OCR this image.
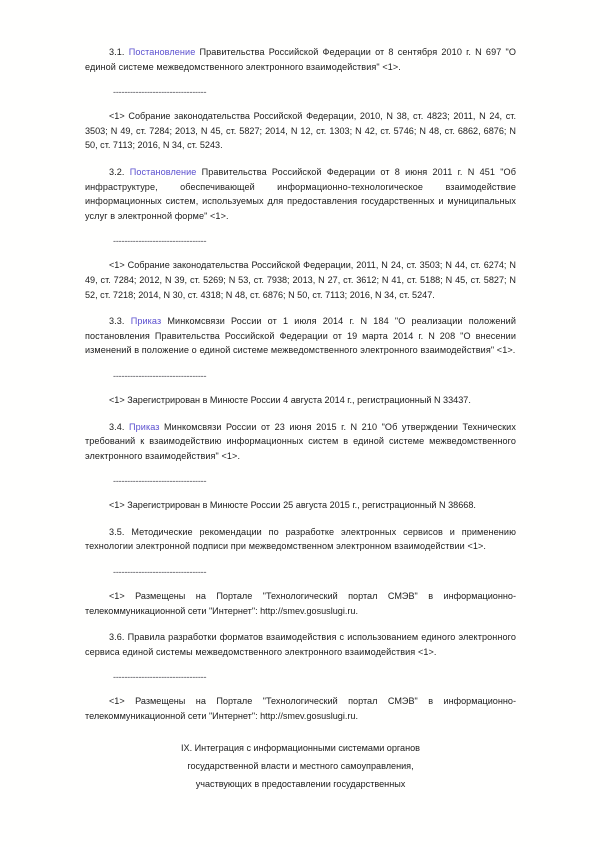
3.1. Постановление Правительства Российской Федерации от 8 сентября 2010 г. N 697 "О единой системе межведомственного электронного взаимодействия" <1>.

---------------------------------

<1> Собрание законодательства Российской Федерации, 2010, N 38, ст. 4823; 2011, N 24, ст. 3503; N 49, ст. 7284; 2013, N 45, ст. 5827; 2014, N 12, ст. 1303; N 42, ст. 5746; N 48, ст. 6862, 6876; N 50, ст. 7113; 2016, N 34, ст. 5243.

3.2. Постановление Правительства Российской Федерации от 8 июня 2011 г. N 451 "Об инфраструктуре, обеспечивающей информационно-технологическое взаимодействие информационных систем, используемых для предоставления государственных и муниципальных услуг в электронной форме" <1>.

---------------------------------

<1> Собрание законодательства Российской Федерации, 2011, N 24, ст. 3503; N 44, ст. 6274; N 49, ст. 7284; 2012, N 39, ст. 5269; N 53, ст. 7938; 2013, N 27, ст. 3612; N 41, ст. 5188; N 45, ст. 5827; N 52, ст. 7218; 2014, N 30, ст. 4318; N 48, ст. 6876; N 50, ст. 7113; 2016, N 34, ст. 5247.

3.3. Приказ Минкомсвязи России от 1 июля 2014 г. N 184 "О реализации положений постановления Правительства Российской Федерации от 19 марта 2014 г. N 208 "О внесении изменений в положение о единой системе межведомственного электронного взаимодействия" <1>.

---------------------------------

<1> Зарегистрирован в Минюсте России 4 августа 2014 г., регистрационный N 33437.

3.4. Приказ Минкомсвязи России от 23 июня 2015 г. N 210 "Об утверждении Технических требований к взаимодействию информационных систем в единой системе межведомственного электронного взаимодействия" <1>.

---------------------------------

<1> Зарегистрирован в Минюсте России 25 августа 2015 г., регистрационный N 38668.

3.5. Методические рекомендации по разработке электронных сервисов и применению технологии электронной подписи при межведомственном электронном взаимодействии <1>.

---------------------------------

<1> Размещены на Портале "Технологический портал СМЭВ" в информационно-телекоммуникационной сети "Интернет": http://smev.gosuslugi.ru.

3.6. Правила разработки форматов взаимодействия с использованием единого электронного сервиса единой системы межведомственного электронного взаимодействия <1>.

---------------------------------

<1> Размещены на Портале "Технологический портал СМЭВ" в информационно-телекоммуникационной сети "Интернет": http://smev.gosuslugi.ru.

IX. Интеграция с информационными системами органов

государственной власти и местного самоуправления,

участвующих в предоставлении государственных
